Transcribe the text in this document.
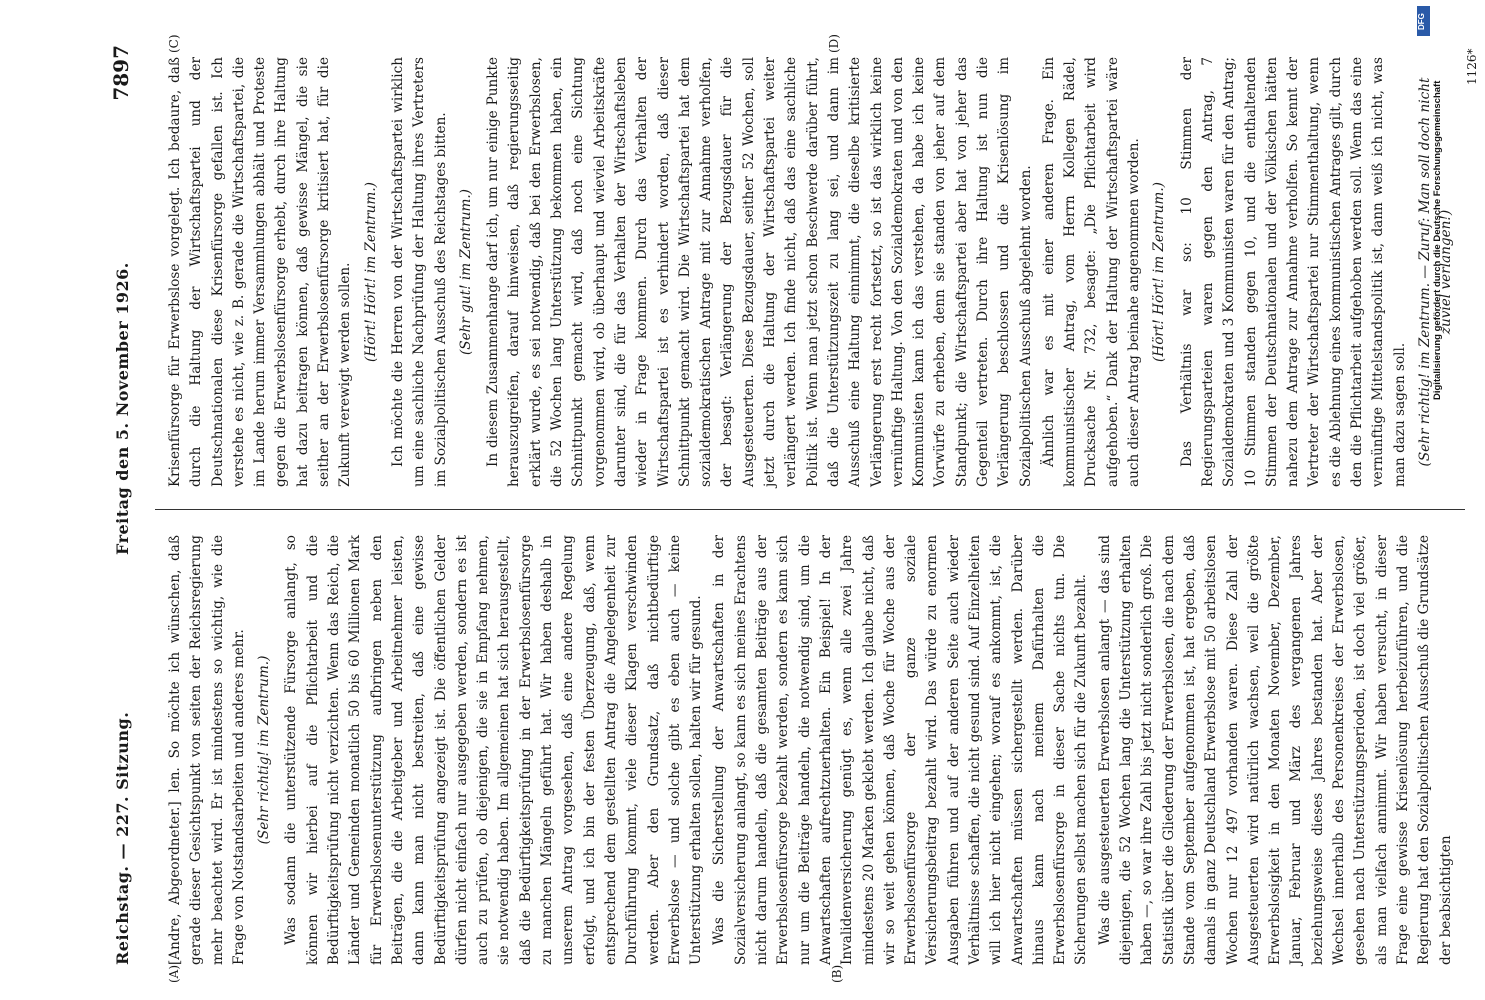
Reichstag. — 227. Sitzung.
Freitag den 5. November 1926.
7897
(A)	(B)
(C)	(D)

[Andre, Abgeordneter.] len. So möchte ich wünschen, daß gerade dieser Gesichtspunkt von seiten der Reichsregierung mehr beachtet wird. Er ist mindestens so wichtig, wie die Frage von Notstandsarbeiten und anderes mehr. (Sehr richtig! im Zentrum.) Was sodann die unterstützende Fürsorge anlangt, so können wir hierbei auf die Pflichtarbeit und die Bedürftigkeitsprüfung nicht verzichten. Wenn das Reich, die Länder und Gemeinden monatlich 50 bis 60 Millionen Mark für Erwerbslosenunterstützung aufbringen neben den Beiträgen, die die Arbeitgeber und Arbeitnehmer leisten, dann kann man nicht bestreiten, daß eine gewisse Bedürftigkeitsprüfung angezeigt ist. Die öffentlichen Gelder dürfen nicht einfach nur ausgegeben werden, sondern es ist auch zu prüfen, ob diejenigen, die sie in Empfang nehmen, sie notwendig haben. Im allgemeinen hat sich herausgestellt, daß die Bedürftigkeitsprüfung in der Erwerbslosenfürsorge zu manchen Mängeln geführt hat. Wir haben deshalb in unserem Antrag vorgesehen, daß eine andere Regelung erfolgt, und ich bin der festen Überzeugung, daß, wenn entsprechend dem gestellten Antrag die Angelegenheit zur Durchführung kommt, viele dieser Klagen verschwinden werden. Aber den Grundsatz, daß nichtbedürftige Erwerbslose — und solche gibt es eben auch — keine Unterstützung erhalten sollen, halten wir für gesund. Was die Sicherstellung der Anwartschaften in der Sozialversicherung anlangt, so kann es sich meines Erachtens nicht darum handeln, daß die gesamten Beiträge aus der Erwerbslosenfürsorge bezahlt werden, sondern es kann sich nur um die Beiträge handeln, die notwendig sind, um die Anwartschaften aufrechtzuerhalten. Ein Beispiel! In der Invalidenversicherung genügt es, wenn alle zwei Jahre mindestens 20 Marken geklebt werden. Ich glaube nicht, daß wir so weit gehen können, daß Woche für Woche aus der Erwerbslosenfürsorge der ganze soziale Versicherungsbeitrag bezahlt wird. Das würde zu enormen Ausgaben führen und auf der anderen Seite auch wieder Verhältnisse schaffen, die nicht gesund sind. Auf Einzelheiten will ich hier nicht eingehen; worauf es ankommt, ist, die Anwartschaften müssen sichergestellt werden. Darüber hinaus kann nach meinem Dafürhalten die Erwerbslosenfürsorge in dieser Sache nichts tun. Die Sicherungen selbst machen sich für die Zukunft bezahlt. Was die ausgesteuerten Erwerbslosen anlangt — das sind diejenigen, die 52 Wochen lang die Unterstützung erhalten haben —, so war ihre Zahl bis jetzt nicht sonderlich groß. Die Statistik über die Gliederung der Erwerbslosen, die nach dem Stande vom September aufgenommen ist, hat ergeben, daß damals in ganz Deutschland Erwerbslose mit 50 arbeitslosen Wochen nur 12 497 vorhanden waren. Diese Zahl der Ausgesteuerten wird natürlich wachsen, weil die größte Erwerbslosigkeit in den Monaten November, Dezember, Januar, Februar und März des vergangenen Jahres beziehungsweise dieses Jahres bestanden hat. Aber der Wechsel innerhalb des Personenkreises der Erwerbslosen, gesehen nach Unterstützungsperioden, ist doch viel größer, als man vielfach annimmt. Wir haben versucht, in dieser Frage eine gewisse Krisenlösung herbeizuführen, und die Regierung hat den Sozialpolitischen Ausschuß die Grundsätze der beabsichtigten

Krisenfürsorge für Erwerbslose vorgelegt. Ich bedaure, daß durch die Haltung der Wirtschaftspartei und der Deutschnationalen diese Krisenfürsorge gefallen ist. Ich verstehe es nicht, wie z. B. gerade die Wirtschaftspartei, die im Lande herum immer Versammlungen abhält und Proteste gegen die Erwerbslosenfürsorge erhebt, durch ihre Haltung hat dazu beitragen können, daß gewisse Mängel, die sie seither an der Erwerbslosenfürsorge kritisiert hat, für die Zukunft verewigt werden sollen. (Hört! Hört! im Zentrum.) Ich möchte die Herren von der Wirtschaftspartei wirklich um eine sachliche Nachprüfung der Haltung ihres Vertreters im Sozialpolitischen Ausschuß des Reichstages bitten. (Sehr gut! im Zentrum.) In diesem Zusammenhange darf ich, um nur einige Punkte herauszugreifen, darauf hinweisen, daß regierungsseitig erklärt wurde, es sei notwendig, daß bei den Erwerbslosen, die 52 Wochen lang Unterstützung bekommen haben, ein Schnittpunkt gemacht wird, daß noch eine Sichtung vorgenommen wird, ob überhaupt und wieviel Arbeitskräfte darunter sind, die für das Verhalten der Wirtschaftsleben wieder in Frage kommen. Durch das Verhalten der Wirtschaftspartei ist es verhindert worden, daß dieser Schnittpunkt gemacht wird. Die Wirtschaftspartei hat dem sozialdemokratischen Antrage mit zur Annahme verholfen, der besagt: Verlängerung der Bezugsdauer für die Ausgesteuerten. Diese Bezugsdauer, seither 52 Wochen, soll jetzt durch die Haltung der Wirtschaftspartei weiter verlängert werden. Ich finde nicht, daß das eine sachliche Politik ist. Wenn man jetzt schon Beschwerde darüber führt, daß die Unterstützungszeit zu lang sei, und dann im Ausschuß eine Haltung einnimmt, die dieselbe kritisierte Verlängerung erst recht fortsetzt, so ist das wirklich keine vernünftige Haltung. Von den Sozialdemokraten und von den Kommunisten kann ich das verstehen, da habe ich keine Vorwürfe zu erheben, denn sie standen von jeher auf dem Standpunkt; die Wirtschaftspartei aber hat von jeher das Gegenteil vertreten. Durch ihre Haltung ist nun die Verlängerung beschlossen und die Krisenlösung im Sozialpolitischen Ausschuß abgelehnt worden. Ähnlich war es mit einer anderen Frage. Ein kommunistischer Antrag, vom Herrn Kollegen Rädel, Drucksache Nr. 732, besagte: „Die Pflichtarbeit wird aufgehoben.“ Dank der Haltung der Wirtschaftspartei wäre auch dieser Antrag beinahe angenommen worden. (Hört! Hört! im Zentrum.) Das Verhältnis war so: 10 Stimmen der Regierungsparteien waren gegen den Antrag, 7 Sozialdemokraten und 3 Kommunisten waren für den Antrag; 10 Stimmen standen gegen 10, und die enthaltenden Stimmen der Deutschnationalen und der Völkischen hätten nahezu dem Antrage zur Annahme verholfen. So kennt der Vertreter der Wirtschaftspartei nur Stimmenthaltung, wenn es die Ablehnung eines kommunistischen Antrages gilt, durch den die Pflichtarbeit aufgehoben werden soll. Wenn das eine vernünftige Mittelstandspolitik ist, dann weiß ich nicht, was man dazu sagen soll. (Sehr richtig! im Zentrum. — Zuruf: Man soll doch nicht zuviel verlangen!)

1126*
DFG
Digitalisierung gefördert durch die Deutsche Forschungsgemeinschaft
